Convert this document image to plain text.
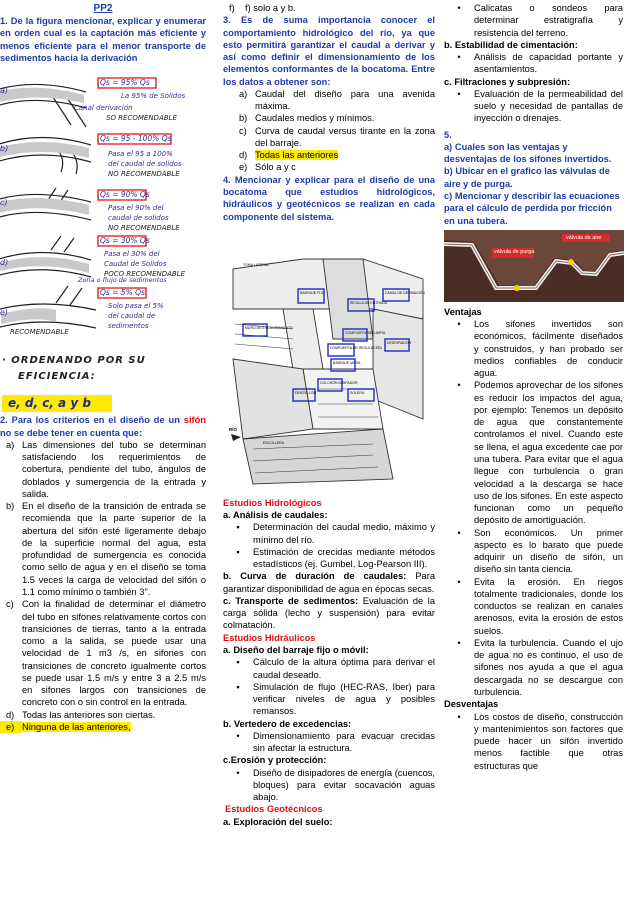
PP2

1. De la figura mencionar, explicar y enumerar en orden cual es la captación más eficiente y menos eficiente para el menor transporte de sedimentos hacia la derivación

a)
Qs = 95% Qs
La 95% de Solidos
Canal derivación
SO RECOMENDABLE
b)
Qs = 95 - 100% Qs
Pasa el 95 a 100%
del caudal de solidos
NO RECOMENDABLE
c)
Qs = 90% Qs
Pasa el 90% del
caudal de solidos
NO RECOMENDABLE
d)
Qs = 30% Qs
Pasa el 30% del
Caudal de Solidos
POCO RECOMENDABLE
Zona o flujo de sedimentos
e)
Qs = 5% Qs
Solo pasa el 5%
del caudal de
sedimentos
RECOMENDABLE
· ORDENANDO POR SU
EFICIENCIA:
e, d, c, a y b

2. Para los criterios en el diseño de un sifón no se debe tener en cuenta que:

a) Las dimensiones del tubo se determinan satisfaciendo los requerimientos de cobertura, pendiente del tubo, ángulos de doblados y sumergencia de la entrada y salida.
b) En el diseño de la transición de entrada se recomienda que la parte superior de la abertura del sifón esté ligeramente debajo de la superficie normal del agua, esta profundidad de sumergencia es conocida como sello de agua y en el diseño se toma 1.5 veces la carga de velocidad del sifón o 1.1 como mínimo o también 3".
c) Con la finalidad de determinar el diámetro del tubo en sifones relativamente cortos con transiciones de tierras, tanto a la entrada como a la salida, se puede usar una velocidad de 1 m3 /s, en sifones con transiciones de concreto igualmente cortos se puede usar 1.5 m/s y entre 3 a 2.5 m/s en sifones largos con transiciones de concreto con o sin control en la entrada.
d) Todas las anteriores son ciertas.
e) Ninguna de las anteriores,
f)	f) solo a y b.

3. Es de suma importancia conocer el comportamiento hidrológico del río, ya que esto permitirá garantizar el caudal a derivar y así como definir el dimensionamiento de los elementos conformantes de la bocatoma. Entre los datos a obtener son:

a) Caudal del diseño para una avenida máxima.
b) Caudales medios y mínimos.
c) Curva de caudal versus tirante en la zona del barraje.
d) Todas las anteriores
e) Sólo a y c

4. Mencionar y explicar para el diseño de una bocatoma que estudios hidrológicos, hidráulicos y geotécnicos se realizan en cada componente del sistema.

COMPUERTA DE LIMPIA
BARRAJE FIJO
REJILLA DE ENTRADA
COLCHÓN DISIPADOR
COMPUERTA DE REGULACIÓN
CANAL DE DERIVACIÓN
MURO DE ENCAUZAMIENTO
ESCOLLERA
DESRIPIADOR
SOLERA
DENTELLÓN
BARRAJE MÓVIL
TOMA LATERAL
RÍO

Estudios Hidrológicos

a. Análisis de caudales:

▪	Determinación del caudal medio, máximo y mínimo del río.
▪	Estimación de crecidas mediante métodos estadísticos (ej. Gumbel, Log-Pearson III).

b. Curva de duración de caudales: Para garantizar disponibilidad de agua en épocas secas.

c. Transporte de sedimentos: Evaluación de la carga sólida (lecho y suspensión) para evitar colmatación.

Estudios Hidráulicos

a. Diseño del barraje fijo o móvil:

▪	Cálculo de la altura óptima para derivar el caudal deseado.
▪	Simulación de flujo (HEC-RAS, Iber) para verificar niveles de agua y posibles remansos.

b. Vertedero de excedencias:

•	Dimensionamiento para evacuar crecidas sin afectar la estructura.

c.Erosión y protección:

•	Diseño de disipadores de energía (cuencos, bloques) para evitar socavación aguas abajo.

Estudios Geotécnicos

a. Exploración del suelo:

•	Calicatas o sondeos para determinar estratigrafía y resistencia del terreno.

b. Estabilidad de cimentación:

•	Análisis de capacidad portante y asentamientos.

c. Filtraciones y subpresión:

•	Evaluación de la permeabilidad del suelo y necesidad de pantallas de inyección o drenajes.

5.

a) Cuales son las ventajas y desventajas de los sifones invertidos.

b) Ubicar en el grafico las válvulas de aire y de purga.

c) Mencionar y describir las ecuaciones para el cálculo de perdida por fricción en una tubera.

válvula de purga
válvula de aire

Ventajas

•	Los sifones invertidos son económicos, fácilmente diseñados y construidos, y han probado ser medios confiables de conducir agua.
•	Podemos aprovechar de los sifones es reducir los impactos del agua, por ejemplo: Tenemos un depósito de agua que constantemente controlamos el nivel. Cuando este se llena, el agua excedente cae por una tubera. Para evitar que el agua llegue con turbulencia o gran velocidad a la descarga se hace uso de los sifones. En este aspecto funcionan como un pequeño depósito de amortiguación.
•	Son económicos. Un primer aspecto es lo barato que puede adquirir un diseño de sifón, un diseño sin tanta ciencia.
•	Evita la erosión. En riegos totalmente tradicionales, donde los conductos se realizan en canales arenosos, evita la erosión de estos suelos.
•	Evita la turbulencia. Cuando el ujo de agua no es continuo, el uso de sifones nos ayuda a que el agua descargada no se descargue con turbulencia.

Desventajas

•	Los costos de diseño, construcción y mantenimientos son factores que puede hacer un sifón invertido menos factible que otras estructuras que
